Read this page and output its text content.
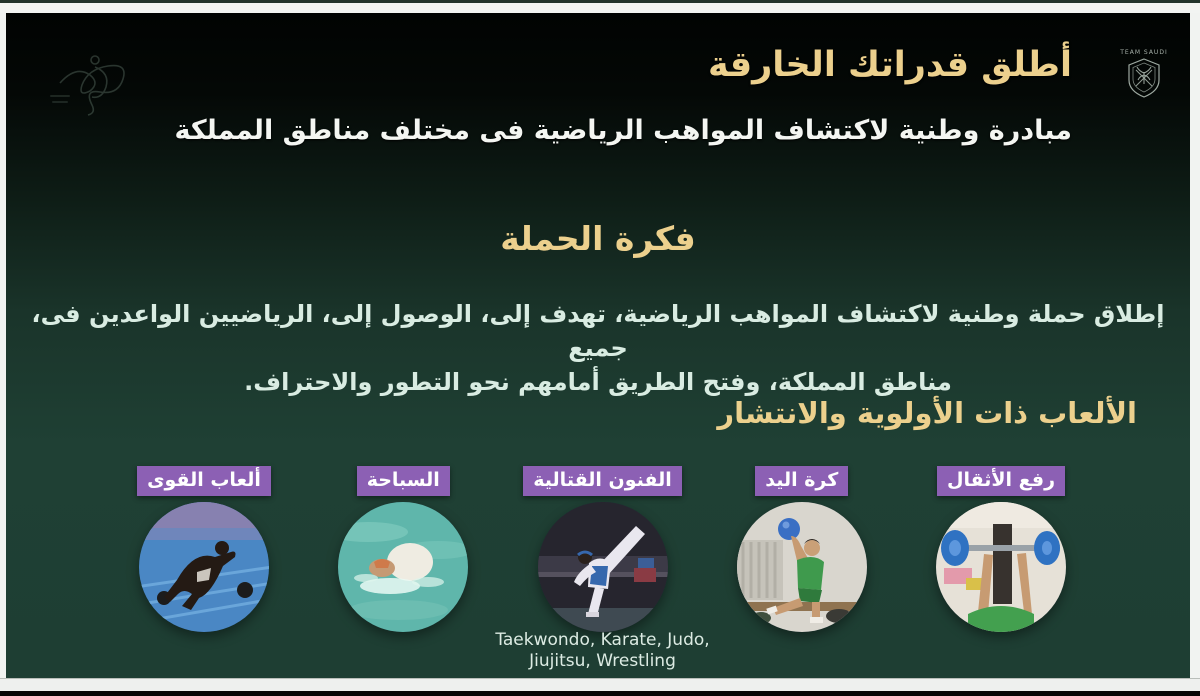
TEAM SAUDI
أطلق قدراتك الخارقة
مبادرة وطنية لاكتشاف المواهب الرياضية فى مختلف مناطق المملكة
فكرة الحملة
إطلاق حملة وطنية لاكتشاف المواهب الرياضية، تهدف إلى، الوصول إلى، الرياضيين الواعدين فى، جميع
مناطق المملكة، وفتح الطريق أمامهم نحو التطور والاحتراف.
الألعاب ذات الأولوية والانتشار
رفع الأثقال
كرة اليد
الفنون القتالية
Taekwondo, Karate, Judo, Jiujitsu, Wrestling
السباحة
ألعاب القوى
